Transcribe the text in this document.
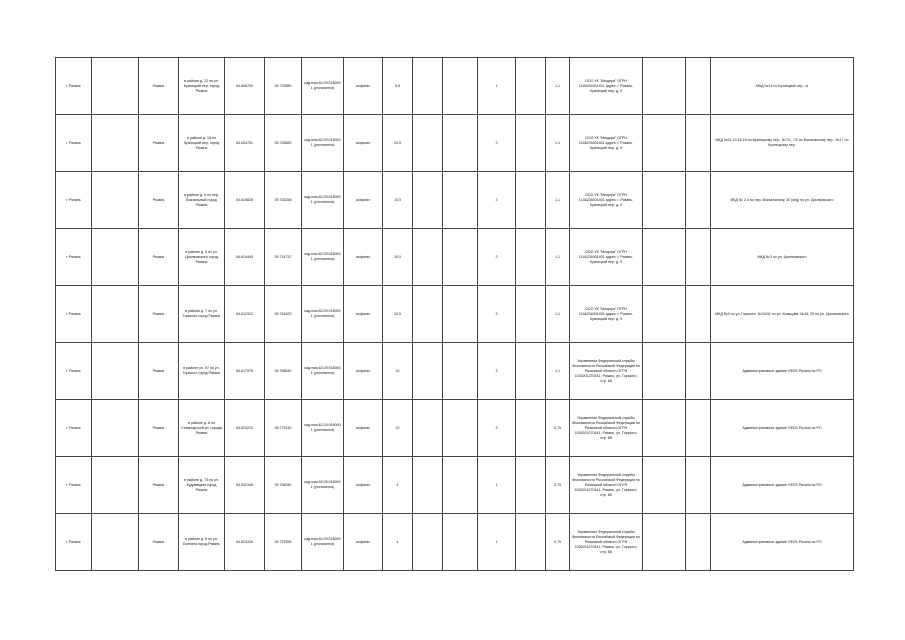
г. Рязань		Рязань	в районе д. 22 по ул. Кузнецкий пер. город Рязань	54.606700	39.729580	кад.ном.62:29:0180001 (уточняется)	асфальт	5,5			1		1,1	ООО УК "Мещера" ОГРН 1146234001401 адрес: г. Рязань, Кузнецкий пер. д. 9			МКД №13 по Кузнецкий пер., м
г. Рязань		Рязань	в районе д. 18 по Кузнецкий пер. город Рязань	54.604781	39.728582	кад.ном.62:29:0180001 (уточняется)	асфальт	10,5			3		1,1	ООО УК "Мещера" ОГРН 1146234001401 адрес: г. Рязань, Кузнецкий пер. д. 9			МКД №11,13,18,19 по Кузнецкому пер., №7/1, 7/2 по Вокзальному пер., №17 по Кузнецкому пер.
г. Рязань		Рязань	в районе д. 6 по пер. Вокзальный город Рязань	54.615826	39.735258	кад.ном.62:29:0180001 (уточняется)	асфальт	10,5			3		1,1	ООО УК "Мещера" ОГРН 1146234001401 адрес: г. Рязань, Кузнецкий пер. д. 9			МКД № 2,4 по пер. Вокзальному, 30 (м/д) по ул. Циолковского
г. Рязань		Рязань	в районе д. 3 по ул. Циолковского город Рязань	54.614445	39.734737	кад.ном.62:29:0180001 (уточняется)	асфальт	10,5			3		1,1	ООО УК "Мещера" ОГРН 1146234001401 адрес: г. Рязань, Кузнецкий пер. д. 9			МКД №3 по ул. Циолковского
г. Рязань		Рязань	в районе д. 7 по ул. Горького город Рязань	54.612312	39.744620	кад.ном.62:29:0180001 (уточняется)	асфальт	10,5			3		1,1	ООО УК "Мещера" ОГРН 1146234001401 адрес: г. Рязань, Кузнецкий пер. д. 9			МКД №3 по ул. Горького, №34/41 по ул. Кольцова, №18, 20 по ул. Циолковского
г. Рязань		Рязань	в районе ул. 97 по ул. Горького город Рязань	54.617978	39.758540	кад.ном.62:29:0180001 (уточняется)	асфальт	10			3		1,1	Управление Федеральной службы безопасности Российской Федерации по Рязанской области ОГРН 1026201270441, Рязань, ул. Горького, стр. 68			Административное здание УФСБ России по РО
г. Рязань		Рязань	в районе д. 8 по Семинарской ул. города Рязань	54.623222	39.779110	кад.ном.62:29:0180001 (уточняется)	асфальт	10			3		0,75	Управление Федеральной службы безопасности Российской Федерации по Рязанской области ОГРН 1026201270441, Рязань, ул. Горького, стр. 68			Административное здание УФСБ России по РО
г. Рязань		Рязань	в районе д. 73 по ул. Кудрявцева город Рязань	54.632346	39.736040	кад.ном.62:29:0180001 (уточняется)	асфальт	4			1		0,75	Управление Федеральной службы безопасности Российской Федерации по Рязанской области ОГРН 1026201270441, Рязань, ул. Горького, стр. 68			Административное здание УФСБ России по РО
г. Рязань		Рязань	в районе д. 8 по ул. Есенина город Рязань	54.624335	39.737595	кад.ном.62:29:0180001 (уточняется)	асфальт	4			1		0,75	Управление Федеральной службы безопасности Российской Федерации по Рязанской области ОГРН 1026201270441, Рязань, ул. Горького, стр. 68			Административное здание УФСБ России по РО
